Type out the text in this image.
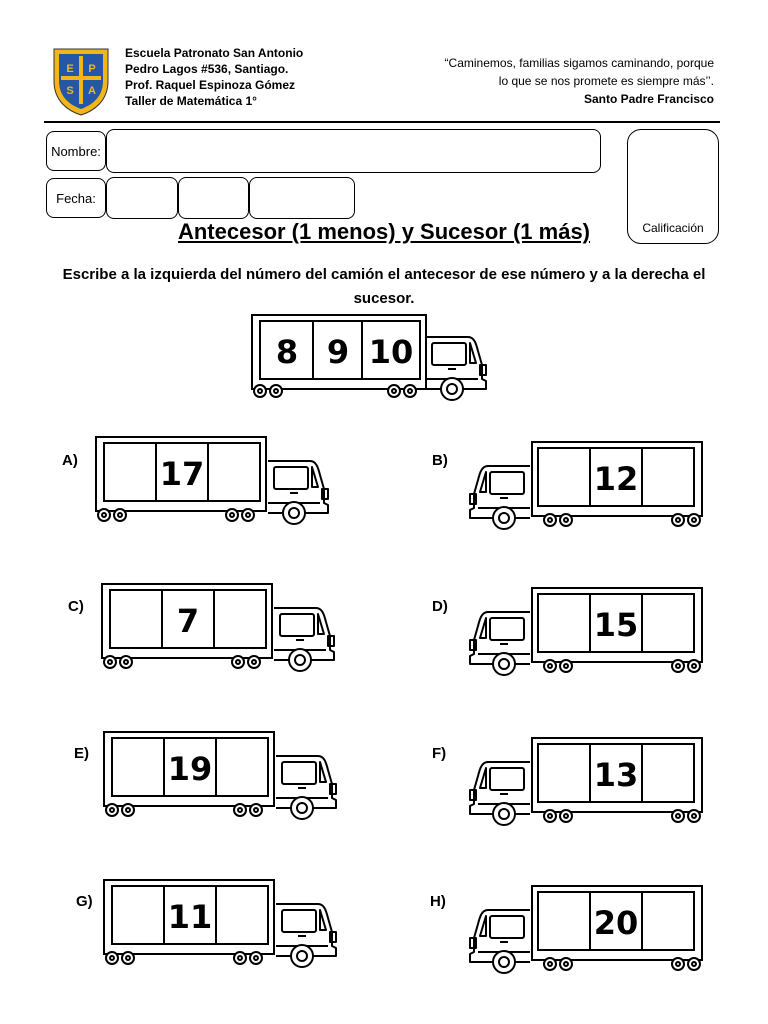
E P
S A
Escuela Patronato San Antonio
Pedro Lagos #536, Santiago.
Prof. Raquel Espinoza Gómez
Taller de Matemática 1°
“Caminemos, familias sigamos caminando, porque
lo que se nos promete es siempre más’’.
Santo Padre Francisco
Nombre:
Fecha:
Calificación
Antecesor (1 menos) y Sucesor (1 más)
Escribe a la izquierda del número del camión el antecesor de ese número y a la derecha el sucesor.
8 9 10
A)	17	B)	12
C)	7	D)	15
E) 19	F)
13
G) 11	H)
20
